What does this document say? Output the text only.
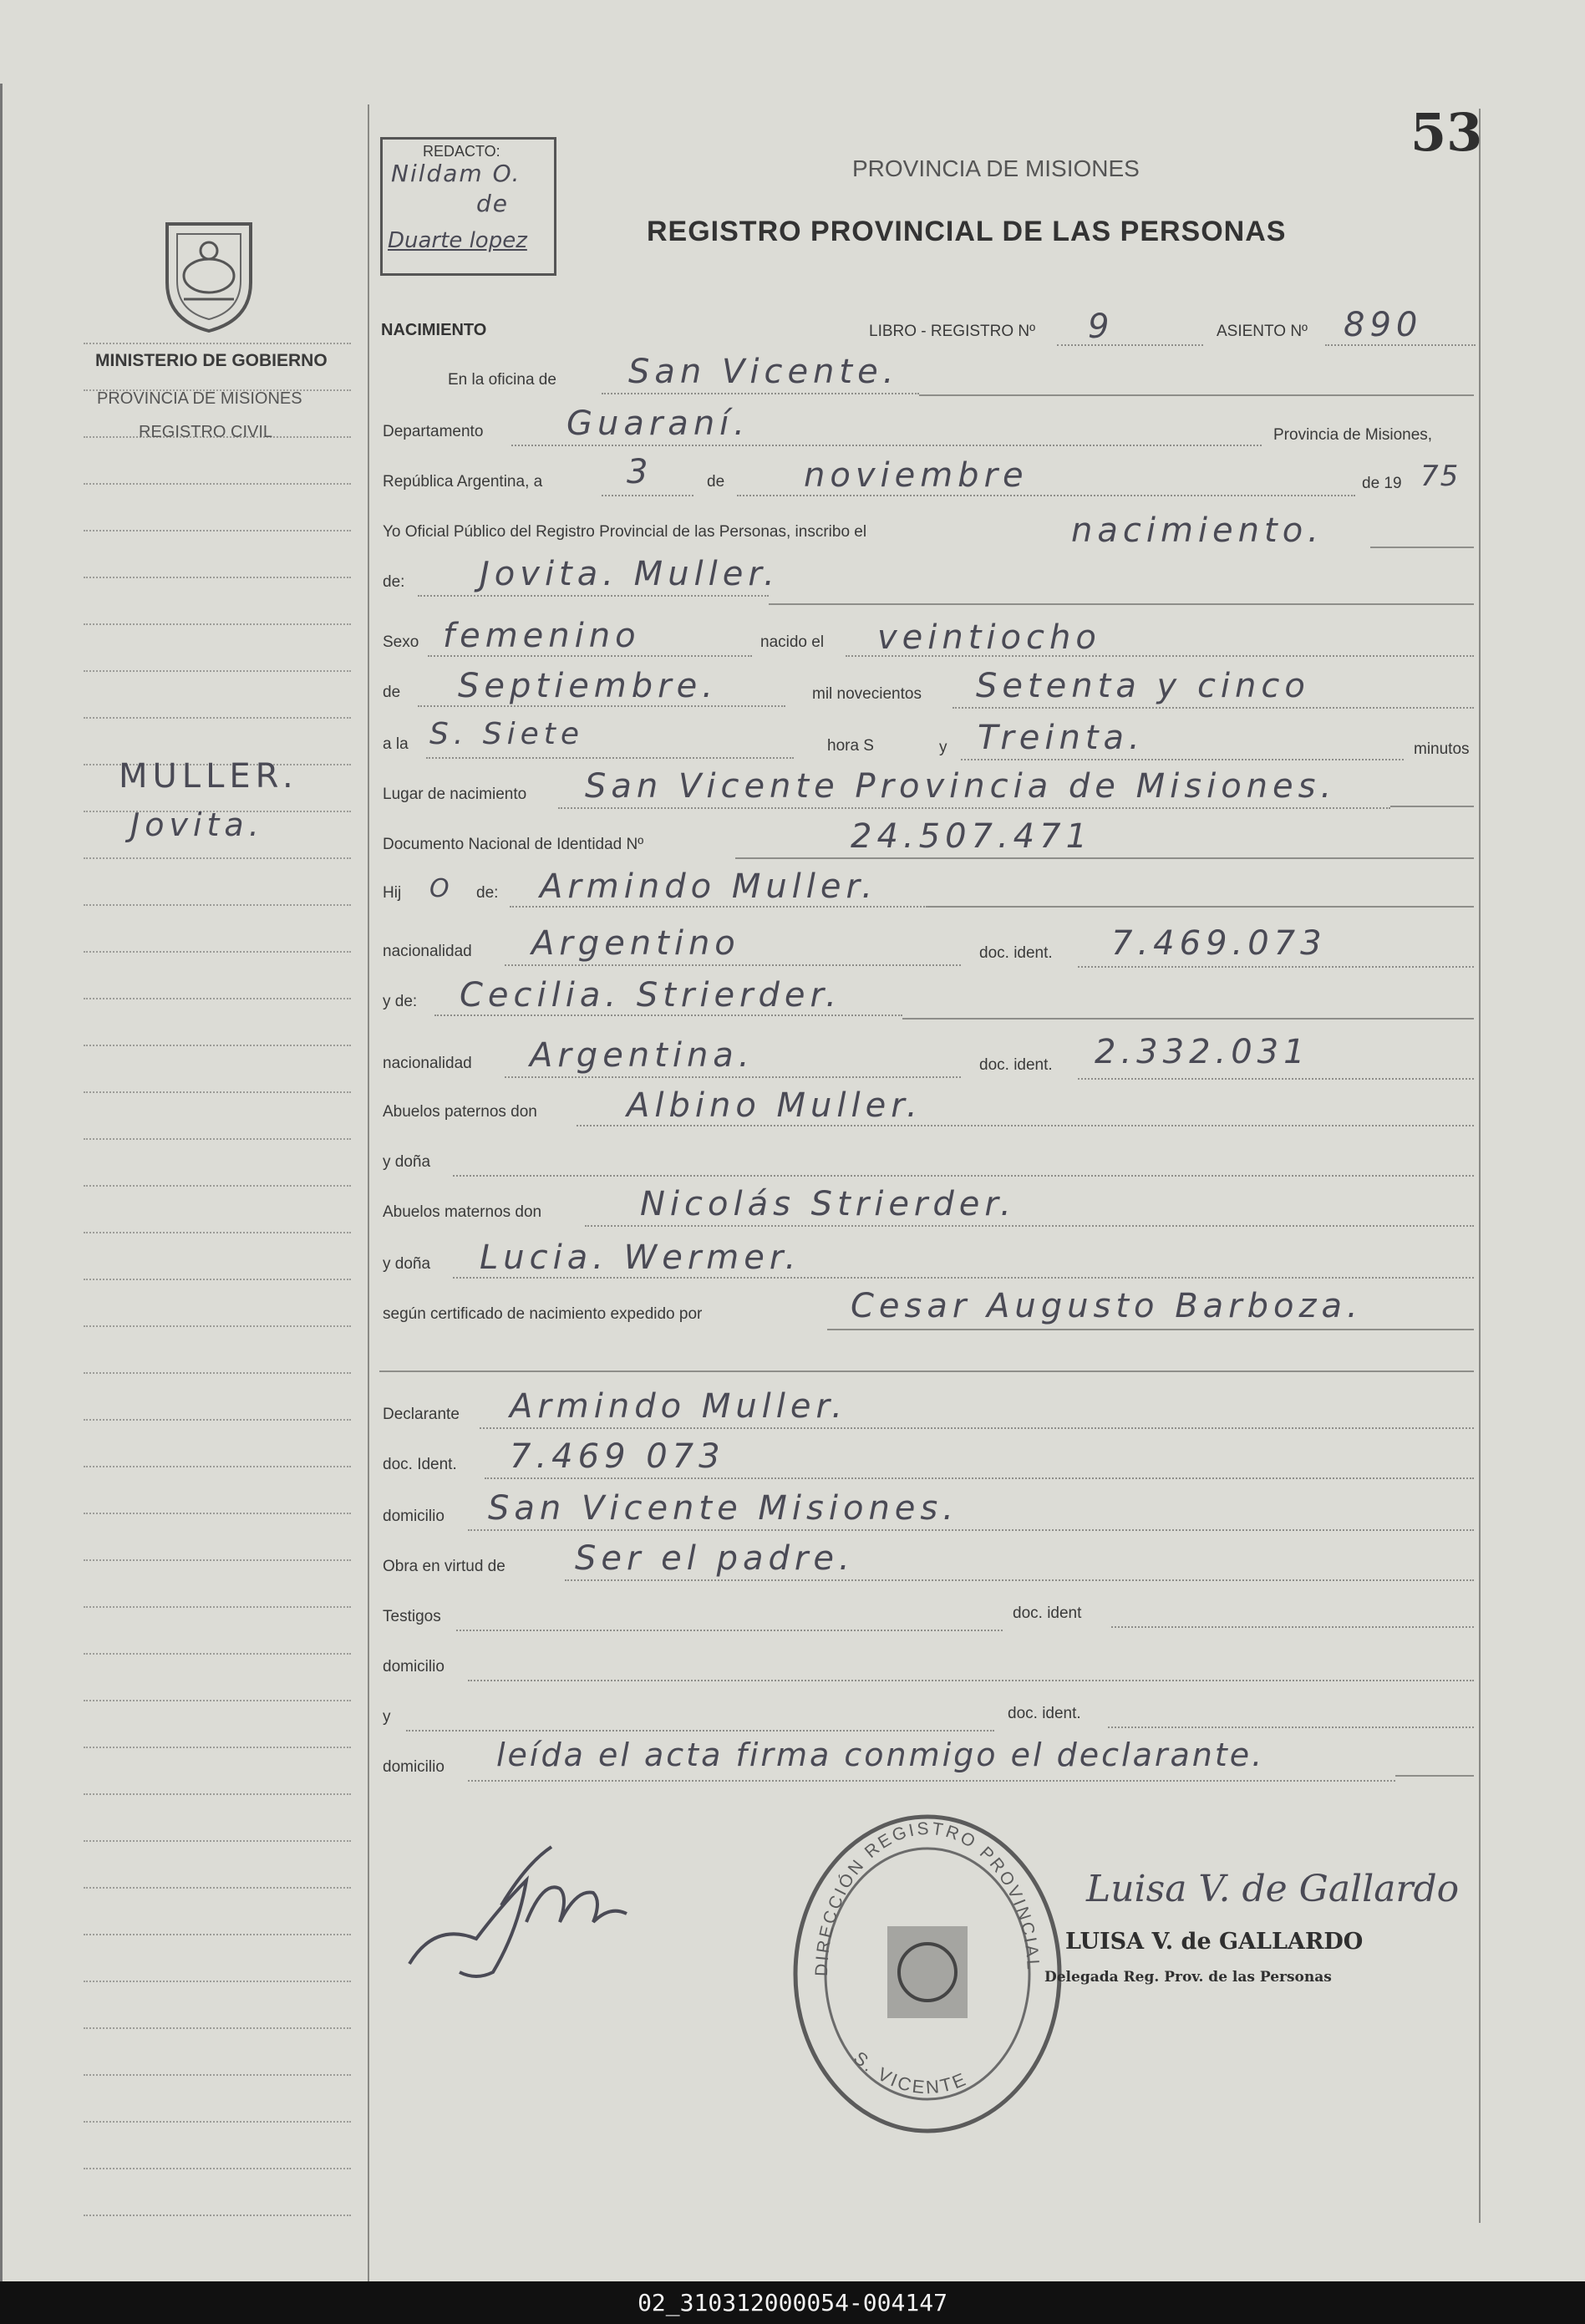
53
REDACTO:
Nildam O.
de
Duarte lopez
PROVINCIA DE MISIONES
REGISTRO PROVINCIAL DE LAS PERSONAS
MINISTERIO DE GOBIERNO
PROVINCIA DE MISIONES
REGISTRO CIVIL
MULLER.
Jovita.
NACIMIENTO	LIBRO - REGISTRO Nº 9	ASIENTO Nº 890
En la oficina de San Vicente.
Departamento Guaraní.	Provincia de Misiones,
República Argentina, a	3	de noviembre	de 19 75
Yo Oficial Público del Registro Provincial de las Personas, inscribo el	nacimiento.
de: Jovita. Muller.
Sexo femenino	nacido el veintiocho
de Septiembre.	mil novecientos Setenta y cinco
a la S. Siete	hora S	y Treinta.	minutos
Lugar de nacimiento San Vicente Provincia de Misiones.
Documento Nacional de Identidad Nº	24.507.471
Hij O de: Armindo Muller.
nacionalidad Argentino	doc. ident. 7.469.073
y de: Cecilia. Strierder.
nacionalidad Argentina.	doc. ident. 2.332.031
Abuelos paternos don	Albino Muller.
y doña
Abuelos maternos don	Nicolás Strierder.
y doña Lucia. Wermer.
según certificado de nacimiento expedido por	Cesar Augusto Barboza.
Declarante Armindo Muller.
doc. Ident. 7.469 073
domicilio San Vicente Misiones.
Obra en virtud de Ser el padre.
Testigos	doc. ident
domicilio
y	doc. ident.
domicilio leída el acta firma conmigo el declarante.
DIRECCIÓN REGISTRO PROVINCIAL
S. VICENTE
Luisa V. de Gallardo
LUISA V. de GALLARDO
Delegada Reg. Prov. de las Personas
02_310312000054-004147
